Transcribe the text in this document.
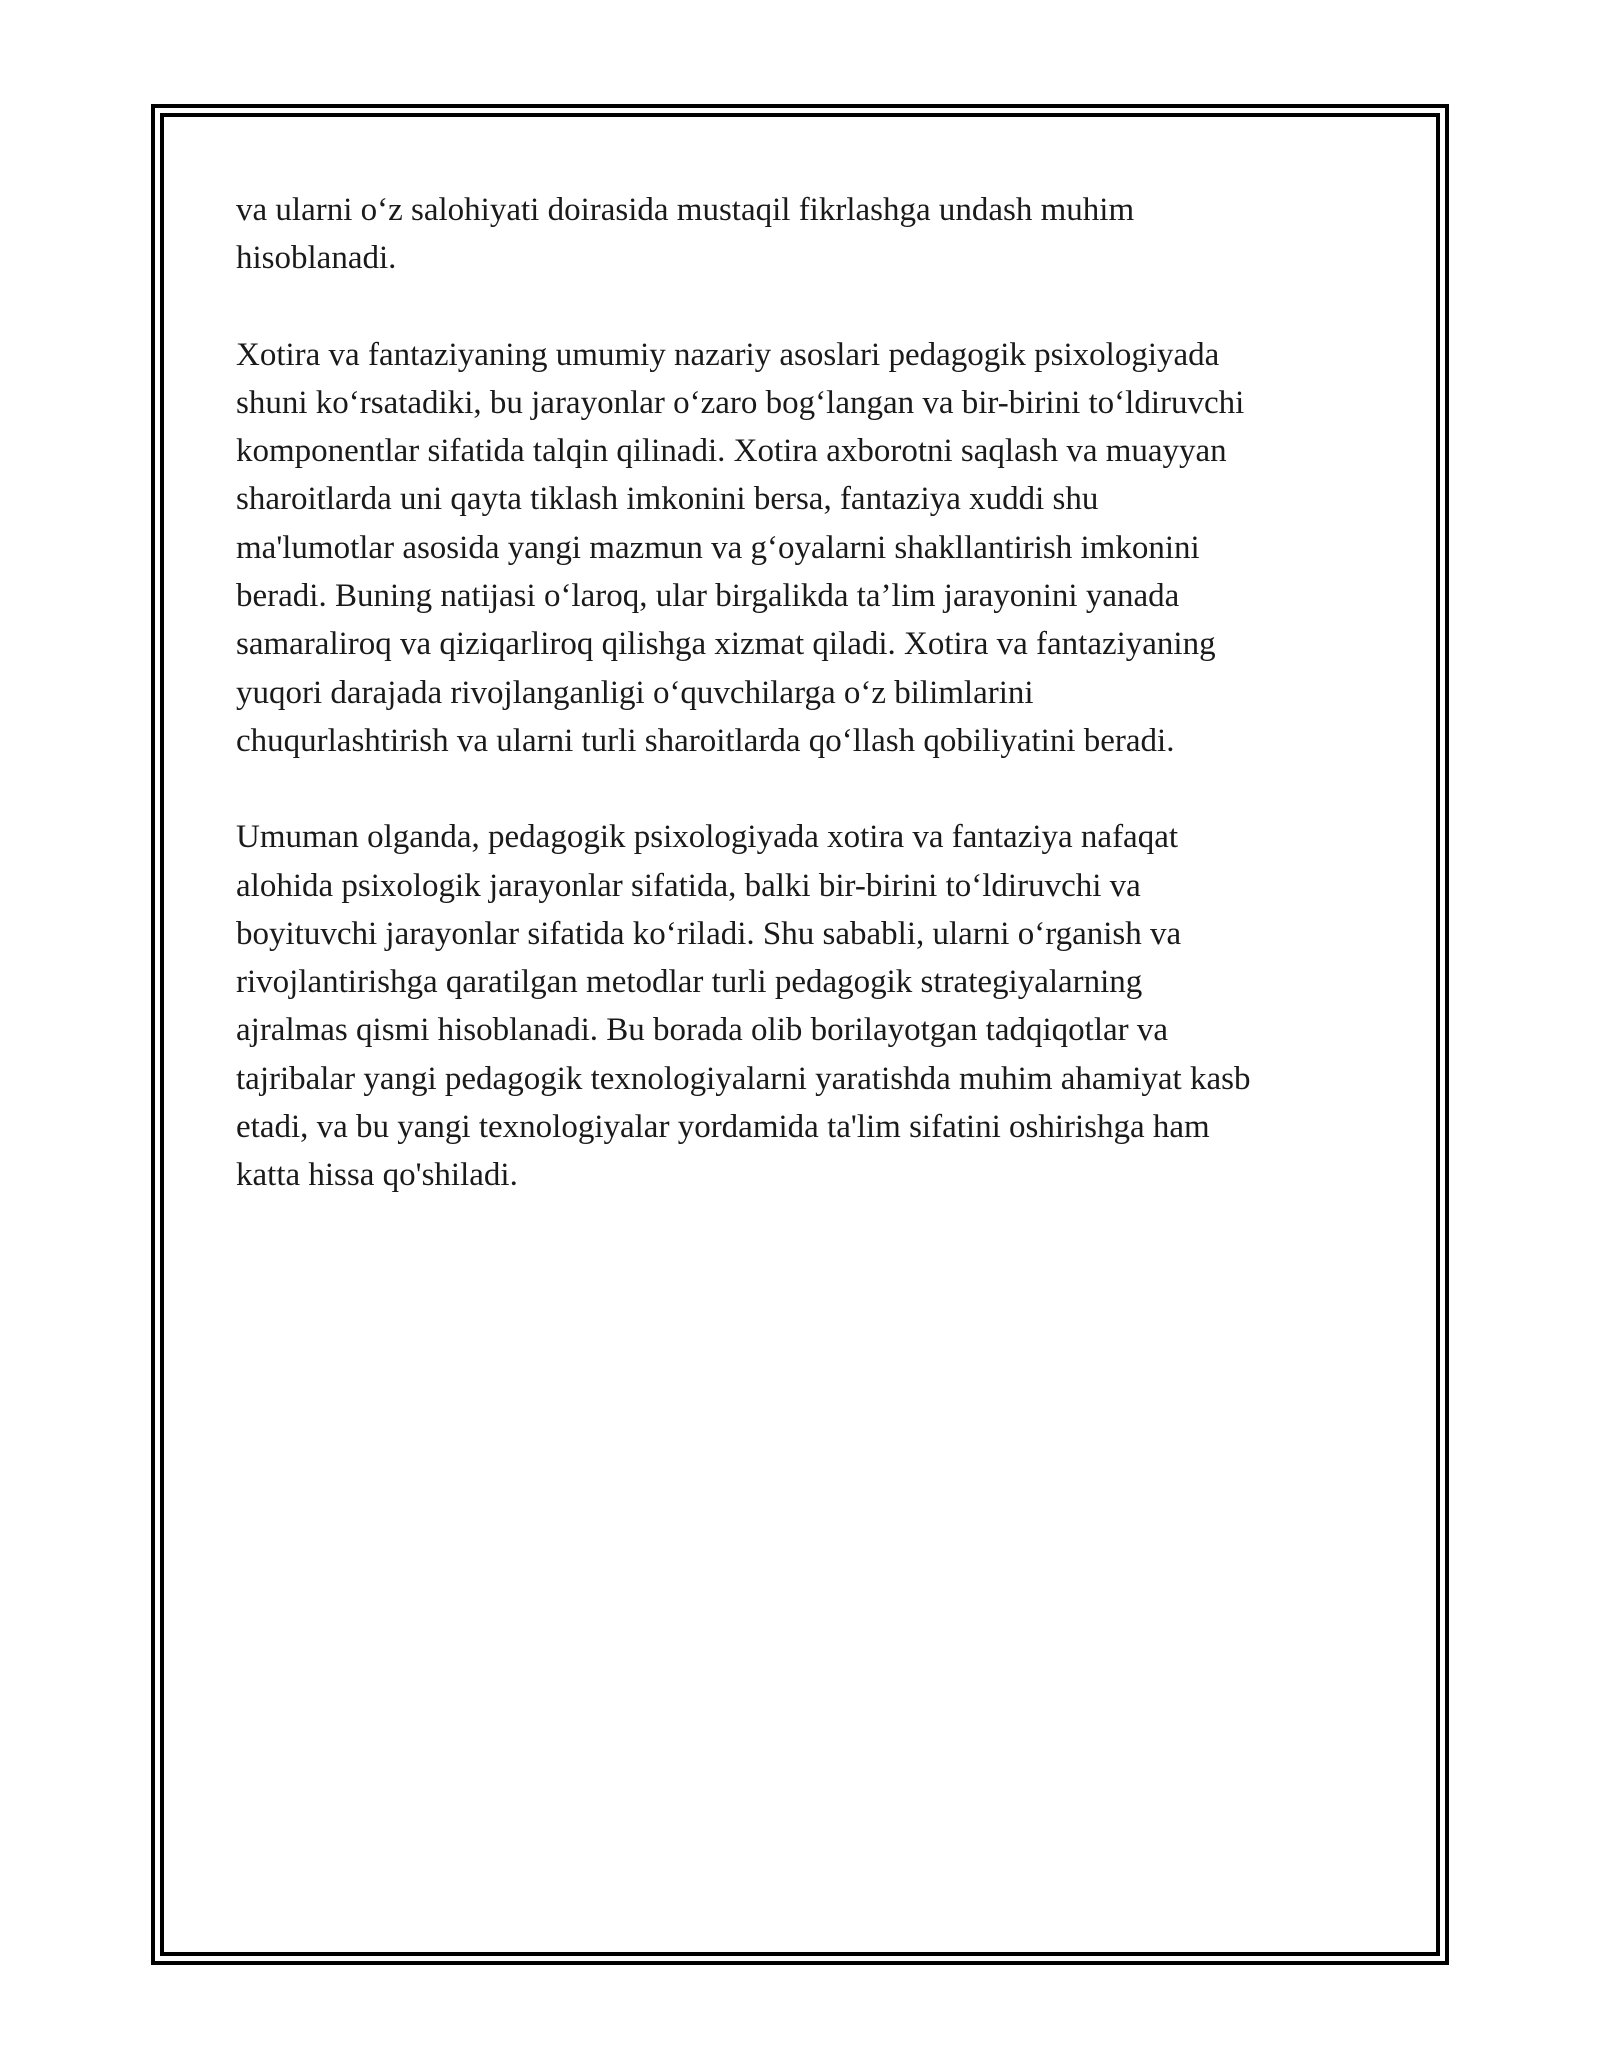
va ularni o‘z salohiyati doirasida mustaqil fikrlashga undash muhim
hisoblanadi.

Xotira va fantaziyaning umumiy nazariy asoslari pedagogik psixologiyada
shuni ko‘rsatadiki, bu jarayonlar o‘zaro bog‘langan va bir-birini to‘ldiruvchi
komponentlar sifatida talqin qilinadi. Xotira axborotni saqlash va muayyan
sharoitlarda uni qayta tiklash imkonini bersa, fantaziya xuddi shu
ma'lumotlar asosida yangi mazmun va g‘oyalarni shakllantirish imkonini
beradi. Buning natijasi o‘laroq, ular birgalikda ta’lim jarayonini yanada
samaraliroq va qiziqarliroq qilishga xizmat qiladi. Xotira va fantaziyaning
yuqori darajada rivojlanganligi o‘quvchilarga o‘z bilimlarini
chuqurlashtirish va ularni turli sharoitlarda qo‘llash qobiliyatini beradi.

Umuman olganda, pedagogik psixologiyada xotira va fantaziya nafaqat
alohida psixologik jarayonlar sifatida, balki bir-birini to‘ldiruvchi va
boyituvchi jarayonlar sifatida ko‘riladi. Shu sababli, ularni o‘rganish va
rivojlantirishga qaratilgan metodlar turli pedagogik strategiyalarning
ajralmas qismi hisoblanadi. Bu borada olib borilayotgan tadqiqotlar va
tajribalar yangi pedagogik texnologiyalarni yaratishda muhim ahamiyat kasb
etadi, va bu yangi texnologiyalar yordamida ta'lim sifatini oshirishga ham
katta hissa qo'shiladi.
